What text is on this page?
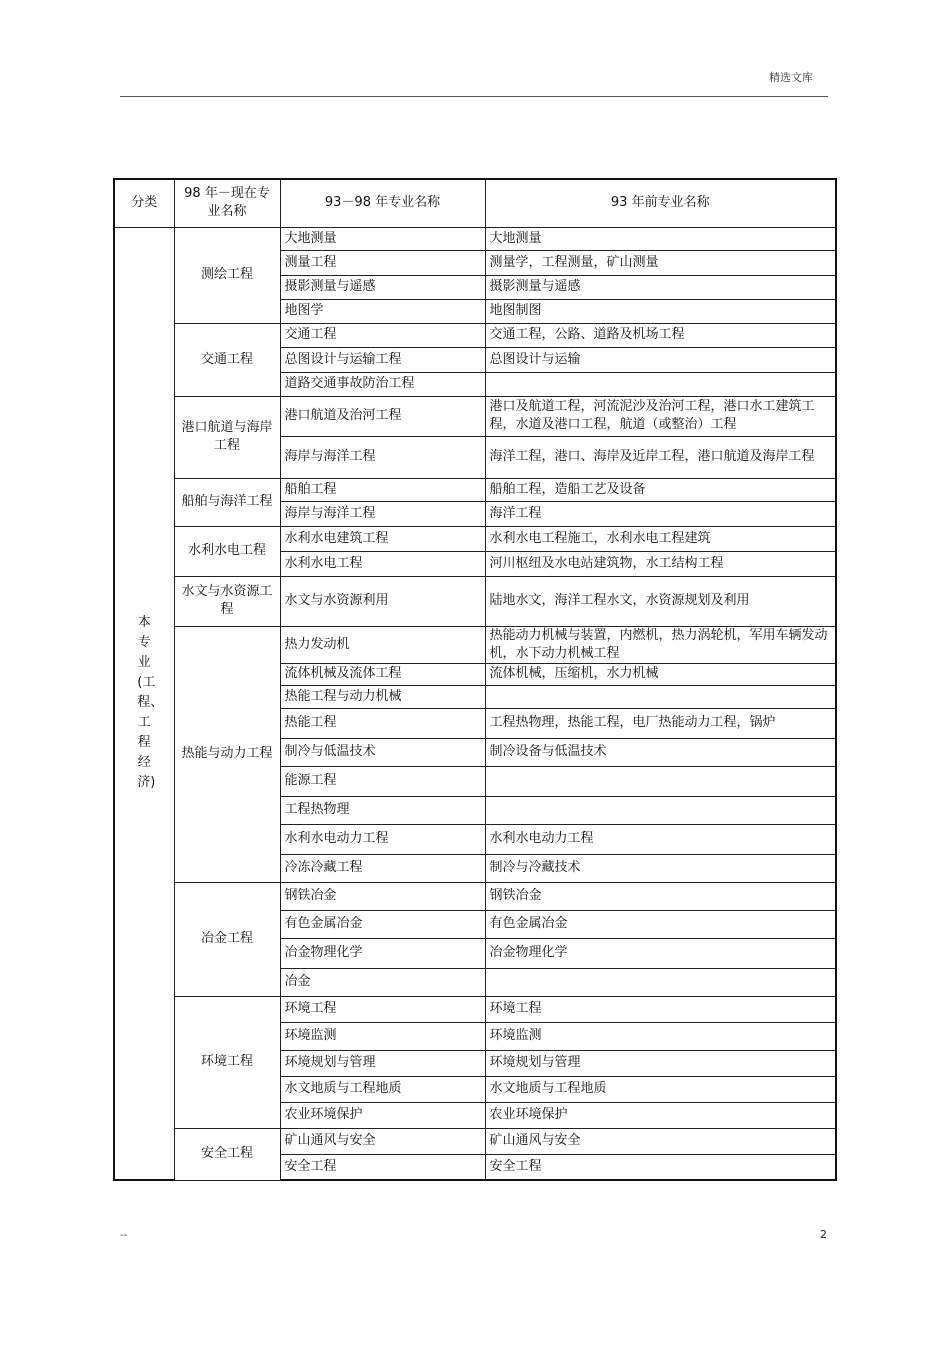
精选文库
分类	98 年－现在专业名称	93－98 年专业名称	93 年前专业名称
本专业(工程、工程经济)	测绘工程	大地测量	大地测量
		测量工程	测量学，工程测量，矿山测量
		摄影测量与遥感	摄影测量与遥感
		地图学	地图制图
	交通工程	交通工程	交通工程，公路、道路及机场工程
		总图设计与运输工程	总图设计与运输
		道路交通事故防治工程	
	港口航道与海岸工程	港口航道及治河工程	港口及航道工程，河流泥沙及治河工程，港口水工建筑工程，水道及港口工程，航道（或整治）工程
		海岸与海洋工程	海洋工程，港口、海岸及近岸工程，港口航道及海岸工程
	船舶与海洋工程	船舶工程	船舶工程，造船工艺及设备
		海岸与海洋工程	海洋工程
	水利水电工程	水利水电建筑工程	水利水电工程施工，水利水电工程建筑
		水利水电工程	河川枢纽及水电站建筑物，水工结构工程
	水文与水资源工程	水文与水资源利用	陆地水文，海洋工程水文，水资源规划及利用
	热能与动力工程	热力发动机	热能动力机械与装置，内燃机，热力涡轮机，军用车辆发动机，水下动力机械工程
		流体机械及流体工程	流体机械，压缩机，水力机械
		热能工程与动力机械	
		热能工程	工程热物理，热能工程，电厂热能动力工程，锅炉
		制冷与低温技术	制冷设备与低温技术
		能源工程	
		工程热物理	
		水利水电动力工程	水利水电动力工程
		冷冻冷藏工程	制冷与冷藏技术
	冶金工程	钢铁冶金	钢铁冶金
		有色金属冶金	有色金属冶金
		冶金物理化学	冶金物理化学
		冶金	
	环境工程	环境工程	环境工程
		环境监测	环境监测
		环境规划与管理	环境规划与管理
		水文地质与工程地质	水文地质与工程地质
		农业环境保护	农业环境保护
	安全工程	矿山通风与安全	矿山通风与安全
		安全工程	安全工程
--	2
